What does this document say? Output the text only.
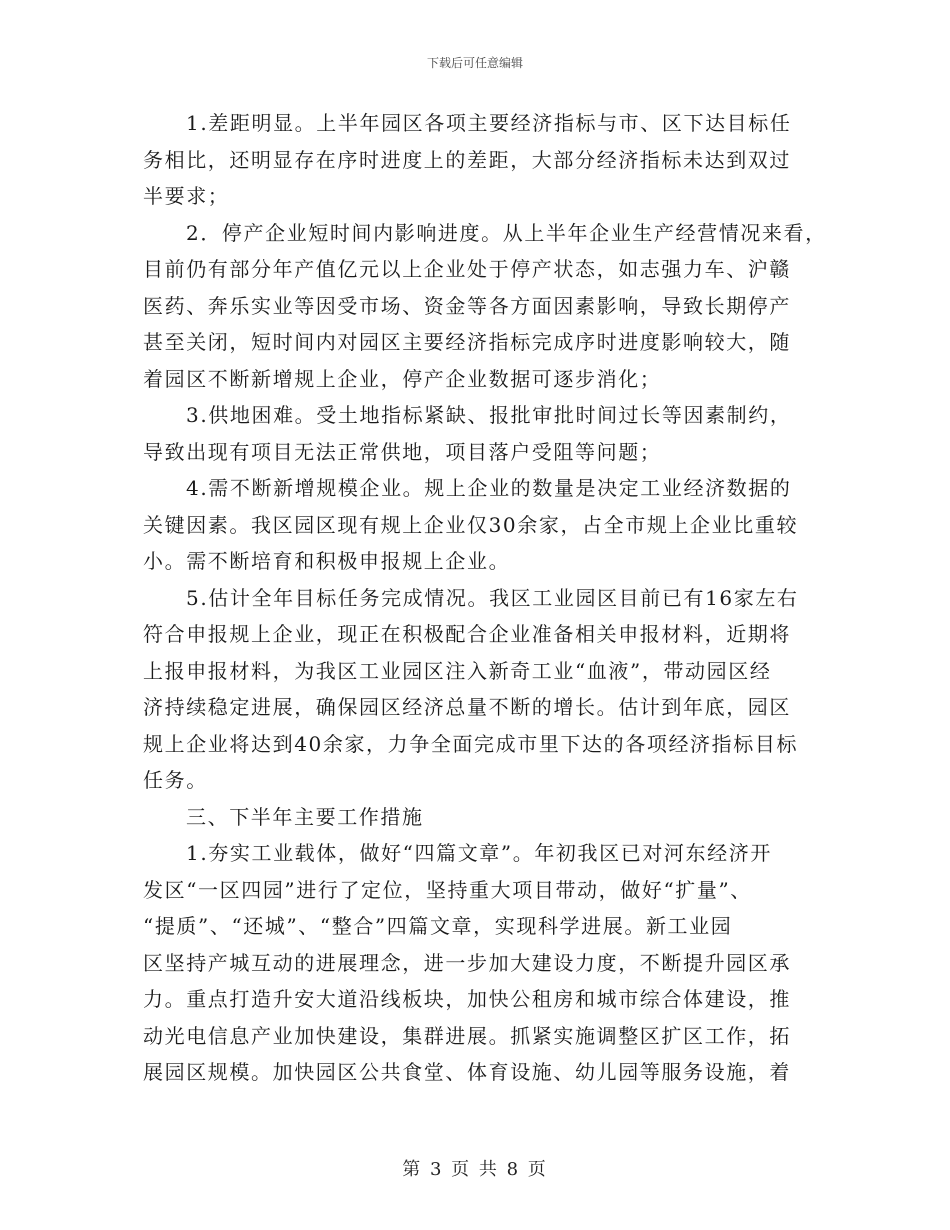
下载后可任意编辑

1.差距明显。上半年园区各项主要经济指标与市、区下达目标任
务相比，还明显存在序时进度上的差距，大部分经济指标未达到双过
半要求；

2．停产企业短时间内影响进度。从上半年企业生产经营情况来看，
目前仍有部分年产值亿元以上企业处于停产状态，如志强力车、沪赣
医药、奔乐实业等因受市场、资金等各方面因素影响，导致长期停产
甚至关闭，短时间内对园区主要经济指标完成序时进度影响较大，随
着园区不断新增规上企业，停产企业数据可逐步消化；

3.供地困难。受土地指标紧缺、报批审批时间过长等因素制约，
导致出现有项目无法正常供地，项目落户受阻等问题；

4.需不断新增规模企业。规上企业的数量是决定工业经济数据的
关键因素。我区园区现有规上企业仅30余家，占全市规上企业比重较
小。需不断培育和积极申报规上企业。

5.估计全年目标任务完成情况。我区工业园区目前已有16家左右
符合申报规上企业，现正在积极配合企业准备相关申报材料，近期将
上报申报材料，为我区工业园区注入新奇工业“血液”，带动园区经
济持续稳定进展，确保园区经济总量不断的增长。估计到年底，园区
规上企业将达到40余家，力争全面完成市里下达的各项经济指标目标
任务。

三、下半年主要工作措施

1.夯实工业载体，做好“四篇文章”。年初我区已对河东经济开
发区“一区四园”进行了定位，坚持重大项目带动，做好“扩量”、
“提质”、“还城”、“整合”四篇文章，实现科学进展。新工业园
区坚持产城互动的进展理念，进一步加大建设力度，不断提升园区承
力。重点打造升安大道沿线板块，加快公租房和城市综合体建设，推
动光电信息产业加快建设，集群进展。抓紧实施调整区扩区工作，拓
展园区规模。加快园区公共食堂、体育设施、幼儿园等服务设施，着

第 3 页 共 8 页
